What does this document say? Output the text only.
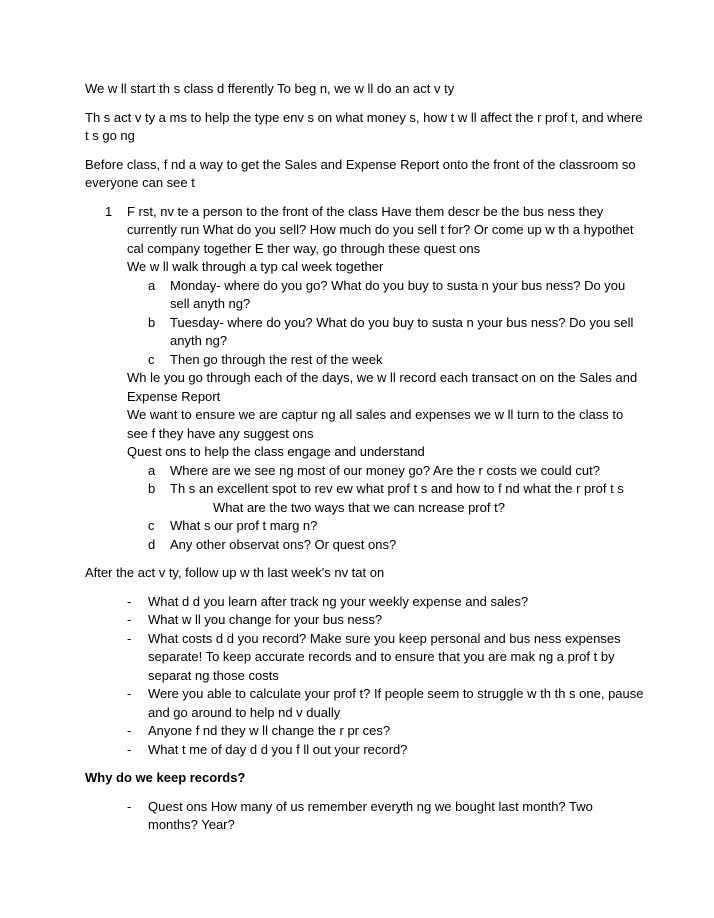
We w ll start th s class d fferently To beg n, we w ll do an act v ty

Th s act v ty a ms to help the type env s on what money s, how t w ll affect the r prof t, and where t s go ng

Before class, f nd a way to get the Sales and Expense Report onto the front of the classroom so everyone can see t

1 F rst, nv te a person to the front of the class Have them descr be the bus ness they currently run What do you sell? How much do you sell t for? Or come up w th a hypothet cal company together E ther way, go through these quest ons
We w ll walk through a typ cal week together
a Monday- where do you go? What do you buy to susta n your bus ness? Do you sell anyth ng?
b Tuesday- where do you? What do you buy to susta n your bus ness? Do you sell anyth ng?
c Then go through the rest of the week
Wh le you go through each of the days, we w ll record each transact on on the Sales and Expense Report
We want to ensure we are captur ng all sales and expenses we w ll turn to the class to see f they have any suggest ons
Quest ons to help the class engage and understand
a Where are we see ng most of our money go? Are the r costs we could cut?
b Th s an excellent spot to rev ew what prof t s and how to f nd what the r prof t s
What are the two ways that we can ncrease prof t?
c What s our prof t marg n?
d Any other observat ons? Or quest ons?

After the act v ty, follow up w th last week's nv tat on

- What d d you learn after track ng your weekly expense and sales?
- What w ll you change for your bus ness?
- What costs d d you record? Make sure you keep personal and bus ness expenses separate! To keep accurate records and to ensure that you are mak ng a prof t by separat ng those costs
- Were you able to calculate your prof t? If people seem to struggle w th th s one, pause and go around to help nd v dually
- Anyone f nd they w ll change the r pr ces?
- What t me of day d d you f ll out your record?

Why do we keep records?

- Quest ons How many of us remember everyth ng we bought last month? Two months? Year?
